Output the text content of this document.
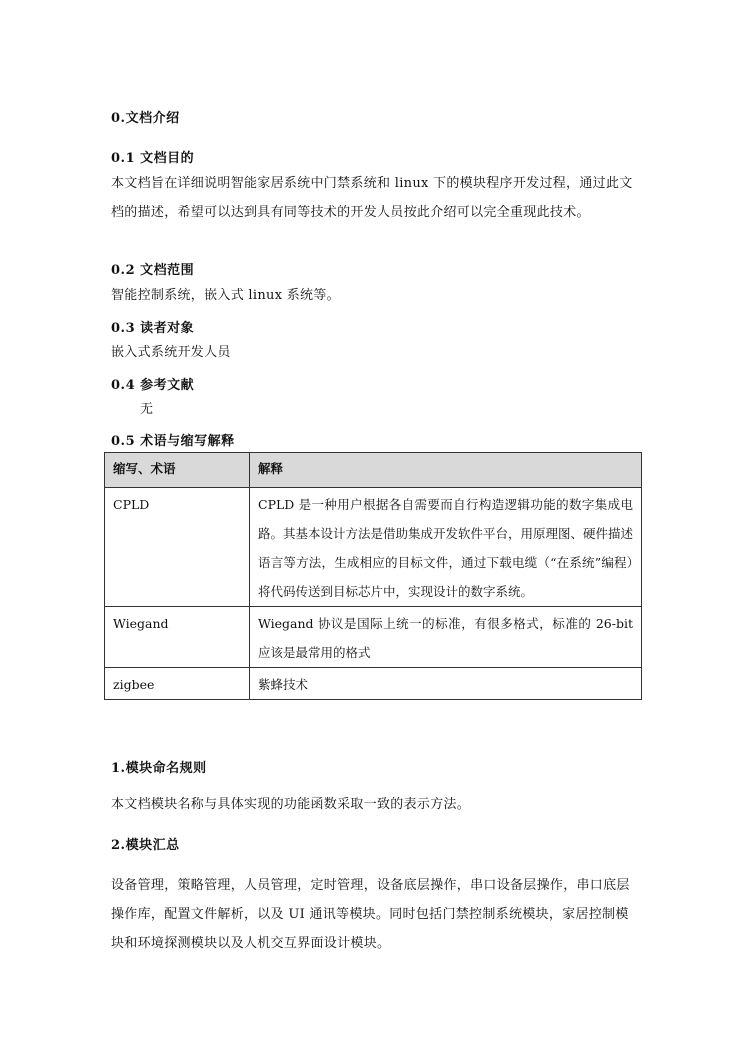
0.文档介绍
0.1 文档目的
本文档旨在详细说明智能家居系统中门禁系统和 linux 下的模块程序开发过程，通过此文档的描述，希望可以达到具有同等技术的开发人员按此介绍可以完全重现此技术。
0.2 文档范围
智能控制系统，嵌入式 linux 系统等。
0.3 读者对象
嵌入式系统开发人员
0.4 参考文献
无
0.5 术语与缩写解释
缩写、术语	解释
CPLD	CPLD 是一种用户根据各自需要而自行构造逻辑功能的数字集成电路。其基本设计方法是借助集成开发软件平台，用原理图、硬件描述语言等方法，生成相应的目标文件，通过下载电缆（“在系统”编程）将代码传送到目标芯片中，实现设计的数字系统。
Wiegand	Wiegand 协议是国际上统一的标准，有很多格式，标准的 26-bit 应该是最常用的格式
zigbee	紫蜂技术
1.模块命名规则
本文档模块名称与具体实现的功能函数采取一致的表示方法。
2.模块汇总
设备管理，策略管理，人员管理，定时管理，设备底层操作，串口设备层操作，串口底层操作库，配置文件解析，以及 UI 通讯等模块。同时包括门禁控制系统模块，家居控制模块和环境探测模块以及人机交互界面设计模块。
